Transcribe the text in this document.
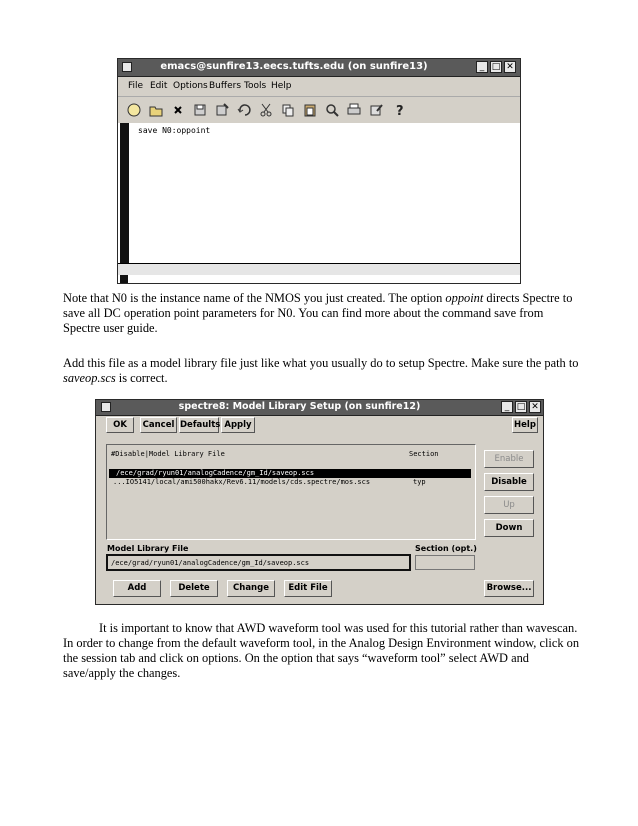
emacs@sunfire13.eecs.tufts.edu (on sunfire13)	_ □ ✕
File Edit Options Buffers Tools Help
?
save N0:oppoint

Note that N0 is the instance name of the NMOS you just created. The option oppoint directs Spectre to save all DC operation point parameters for N0. You can find more about the command save from Spectre user guide.

Add this file as a model library file just like what you usually do to setup Spectre. Make sure the path to saveop.scs is correct.

It is important to know that AWD waveform tool was used for this tutorial rather than wavescan. In order to change from the default waveform tool, in the Analog Design Environment window, click on the session tab and click on options. On the option that says “waveform tool” select AWD and save/apply the changes.

spectre8: Model Library Setup (on sunfire12)	_ □ ✕
OK	Cancel Defaults Apply	Help
#Disable|Model Library File	Section
/ece/grad/ryun01/analogCadence/gm_Id/saveop.scs
...IO5141/local/ami500hakx/Rev6.11/models/cds.spectre/mos.scs	typ
Enable
Disable
Up
Down
Model Library File	Section (opt.)
/ece/grad/ryun01/analogCadence/gm_Id/saveop.scs
Add	Delete	Change	Edit File	Browse...
